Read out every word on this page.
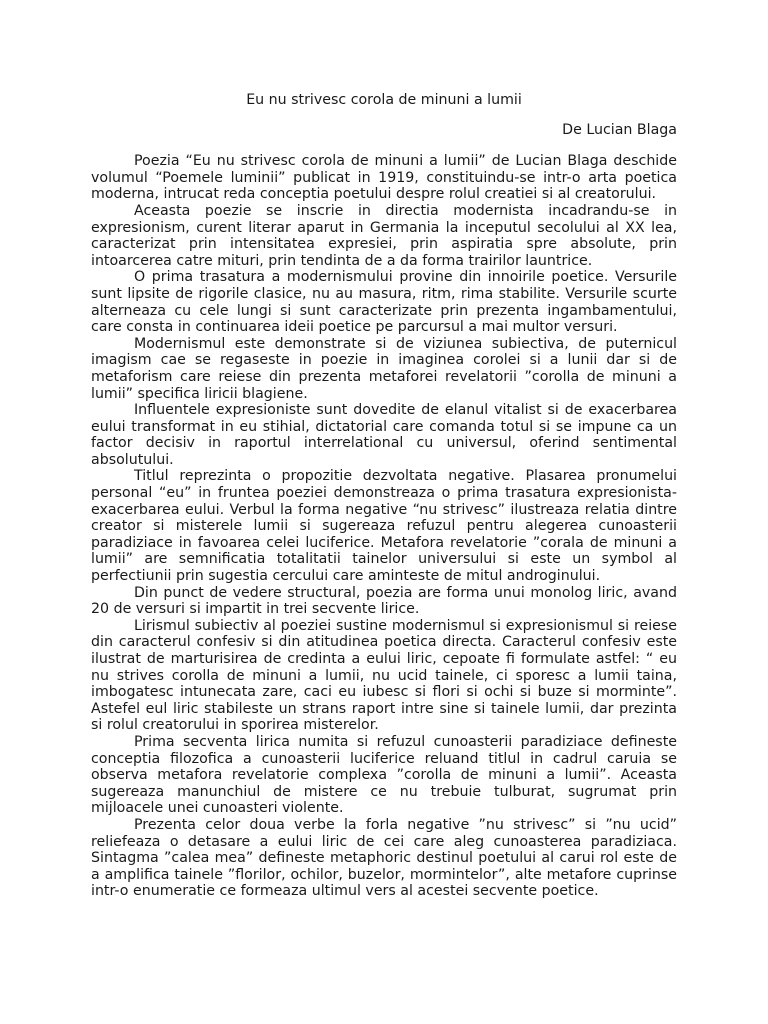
Eu nu strivesc corola de minuni a lumii
De Lucian Blaga

Poezia “Eu nu strivesc corola de minuni a lumii” de Lucian Blaga deschide volumul “Poemele luminii” publicat in 1919, constituindu-se intr-o arta poetica moderna, intrucat reda conceptia poetului despre rolul creatiei si al creatorului.

Aceasta poezie se inscrie in directia modernista incadrandu-se in expresionism, curent literar aparut in Germania la inceputul secolului al XX lea, caracterizat prin intensitatea expresiei, prin aspiratia spre absolute, prin intoarcerea catre mituri, prin tendinta de a da forma trairilor launtrice.

O prima trasatura a modernismului provine din innoirile poetice. Versurile sunt lipsite de rigorile clasice, nu au masura, ritm, rima stabilite. Versurile scurte alterneaza cu cele lungi si sunt caracterizate prin prezenta ingambamentului, care consta in continuarea ideii poetice pe parcursul a mai multor versuri.

Modernismul este demonstrate si de viziunea subiectiva, de puternicul imagism cae se regaseste in poezie in imaginea corolei si a lunii dar si de metaforism care reiese din prezenta metaforei revelatorii ”corolla de minuni a lumii” specifica liricii blagiene.

Influentele expresioniste sunt dovedite de elanul vitalist si de exacerbarea eului transformat in eu stihial, dictatorial care comanda totul si se impune ca un factor decisiv in raportul interrelational cu universul, oferind sentimental absolutului.

Titlul reprezinta o propozitie dezvoltata negative. Plasarea pronumelui personal “eu” in fruntea poeziei demonstreaza o prima trasatura expresionista-exacerbarea eului. Verbul la forma negative “nu strivesc” ilustreaza relatia dintre creator si misterele lumii si sugereaza refuzul pentru alegerea cunoasterii paradiziace in favoarea celei luciferice. Metafora revelatorie ”corala de minuni a lumii” are semnificatia totalitatii tainelor universului si este un symbol al perfectiunii prin sugestia cercului care aminteste de mitul androginului.

Din punct de vedere structural, poezia are forma unui monolog liric, avand 20 de versuri si impartit in trei secvente lirice.

Lirismul subiectiv al poeziei sustine modernismul si expresionismul si reiese din caracterul confesiv si din atitudinea poetica directa. Caracterul confesiv este ilustrat de marturisirea de credinta a eului liric, cepoate fi formulate astfel: “ eu nu strives corolla de minuni a lumii, nu ucid tainele, ci sporesc a lumii taina, imbogatesc intunecata zare, caci eu iubesc si flori si ochi si buze si morminte”. Astefel eul liric stabileste un strans raport intre sine si tainele lumii, dar prezinta si rolul creatorului in sporirea misterelor.

Prima secventa lirica numita si refuzul cunoasterii paradiziace defineste conceptia filozofica a cunoasterii luciferice reluand titlul in cadrul caruia se observa metafora revelatorie complexa ”corolla de minuni a lumii”. Aceasta sugereaza manunchiul de mistere ce nu trebuie tulburat, sugrumat prin mijloacele unei cunoasteri violente.

Prezenta celor doua verbe la forla negative ”nu strivesc” si ”nu ucid” reliefeaza o detasare a eului liric de cei care aleg cunoasterea paradiziaca. Sintagma ”calea mea” defineste metaphoric destinul poetului al carui rol este de a amplifica tainele ”florilor, ochilor, buzelor, mormintelor”, alte metafore cuprinse intr-o enumeratie ce formeaza ultimul vers al acestei secvente poetice.
